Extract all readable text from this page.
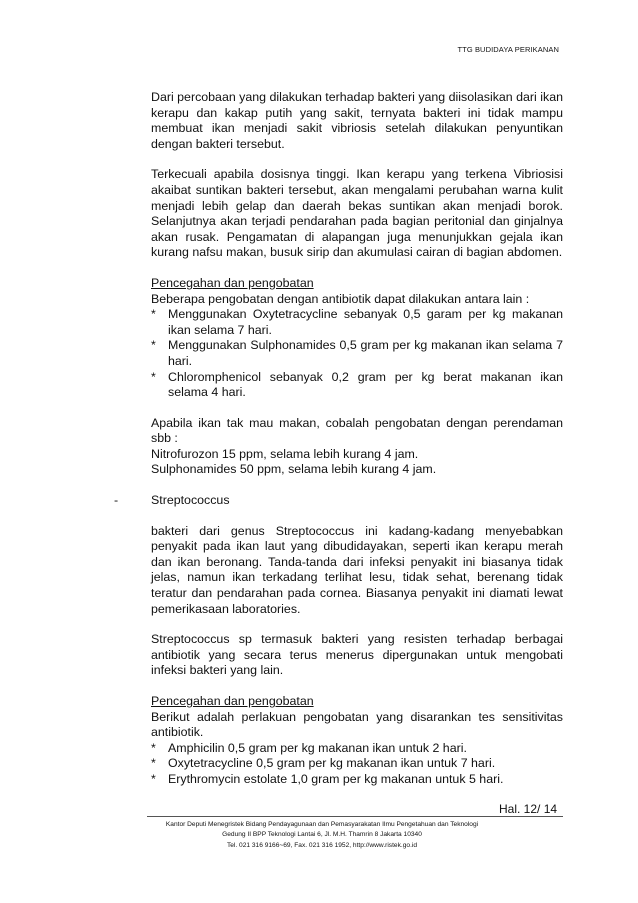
TTG BUDIDAYA PERIKANAN

Dari percobaan yang dilakukan terhadap bakteri yang diisolasikan dari ikan kerapu dan kakap putih yang sakit, ternyata bakteri ini tidak mampu membuat ikan menjadi sakit vibriosis setelah dilakukan penyuntikan dengan bakteri tersebut.

Terkecuali apabila dosisnya tinggi. Ikan kerapu yang terkena Vibriosisi akaibat suntikan bakteri tersebut, akan mengalami perubahan warna kulit menjadi lebih gelap dan daerah bekas suntikan akan menjadi borok. Selanjutnya akan terjadi pendarahan pada bagian peritonial dan ginjalnya akan rusak. Pengamatan di alapangan juga menunjukkan gejala ikan kurang nafsu makan, busuk sirip dan akumulasi cairan di bagian abdomen.

Pencegahan dan pengobatan

Beberapa pengobatan dengan antibiotik dapat dilakukan antara lain :

* Menggunakan Oxytetracycline sebanyak 0,5 garam per kg makanan ikan selama 7 hari.
* Menggunakan Sulphonamides 0,5 gram per kg makanan ikan selama 7 hari.
* Chloromphenicol sebanyak 0,2 gram per kg berat makanan ikan selama 4 hari.

Apabila ikan tak mau makan, cobalah pengobatan dengan perendaman sbb :

Nitrofurozon 15 ppm, selama lebih kurang 4 jam.

Sulphonamides 50 ppm, selama lebih kurang 4 jam.

-	Streptococcus

bakteri dari genus Streptococcus ini kadang-kadang menyebabkan penyakit pada ikan laut yang dibudidayakan, seperti ikan kerapu merah dan ikan beronang. Tanda-tanda dari infeksi penyakit ini biasanya tidak jelas, namun ikan terkadang terlihat lesu, tidak sehat, berenang tidak teratur dan pendarahan pada cornea. Biasanya penyakit ini diamati lewat pemerikasaan laboratories.

Streptococcus sp termasuk bakteri yang resisten terhadap berbagai antibiotik yang secara terus menerus dipergunakan untuk mengobati infeksi bakteri yang lain.

Pencegahan dan pengobatan

Berikut adalah perlakuan pengobatan yang disarankan tes sensitivitas antibiotik.

* Amphicilin 0,5 gram per kg makanan ikan untuk 2 hari.
* Oxytetracycline 0,5 gram per kg makanan ikan untuk 7 hari.
* Erythromycin estolate 1,0 gram per kg makanan untuk 5 hari.
Hal. 12/ 14
Kantor Deputi Menegristek Bidang Pendayagunaan dan Pemasyarakatan Ilmu Pengetahuan dan Teknologi
Gedung II BPP Teknologi Lantai 6, Jl. M.H. Thamrin 8 Jakarta 10340
Tel. 021 316 9166~69, Fax. 021 316 1952, http://www.ristek.go.id
